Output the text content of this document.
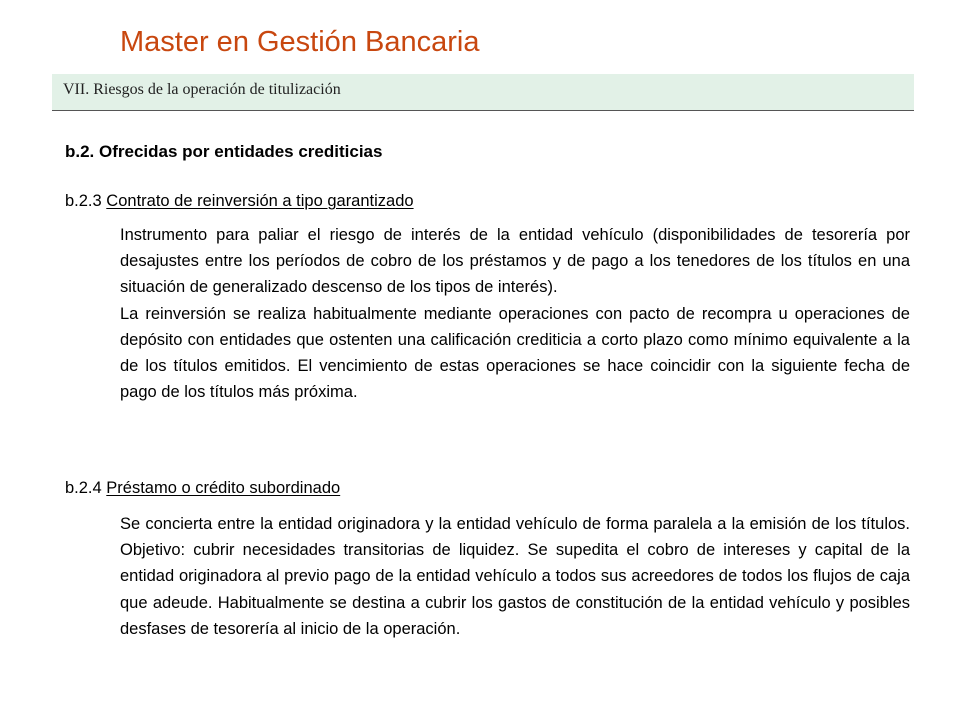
Master en Gestión Bancaria
VII. Riesgos de la operación de titulización
b.2. Ofrecidas por entidades crediticias
b.2.3 Contrato de reinversión a tipo garantizado

Instrumento para paliar el riesgo de interés de la entidad vehículo (disponibilidades de tesorería por desajustes entre los períodos de cobro de los préstamos y de pago a los tenedores de los títulos en una situación de generalizado descenso de los tipos de interés).

La reinversión se realiza habitualmente mediante operaciones con pacto de recompra u operaciones de depósito con entidades que ostenten una calificación crediticia a corto plazo como mínimo equivalente a la de los títulos emitidos. El vencimiento de estas operaciones se hace coincidir con la siguiente fecha de pago de los títulos más próxima.

b.2.4 Préstamo o crédito subordinado

Se concierta entre la entidad originadora y la entidad vehículo de forma paralela a la emisión de los títulos. Objetivo: cubrir necesidades transitorias de liquidez. Se supedita el cobro de intereses y capital de la entidad originadora al previo pago de la entidad vehículo a todos sus acreedores de todos los flujos de caja que adeude. Habitualmente se destina a cubrir los gastos de constitución de la entidad vehículo y posibles desfases de tesorería al inicio de la operación.
